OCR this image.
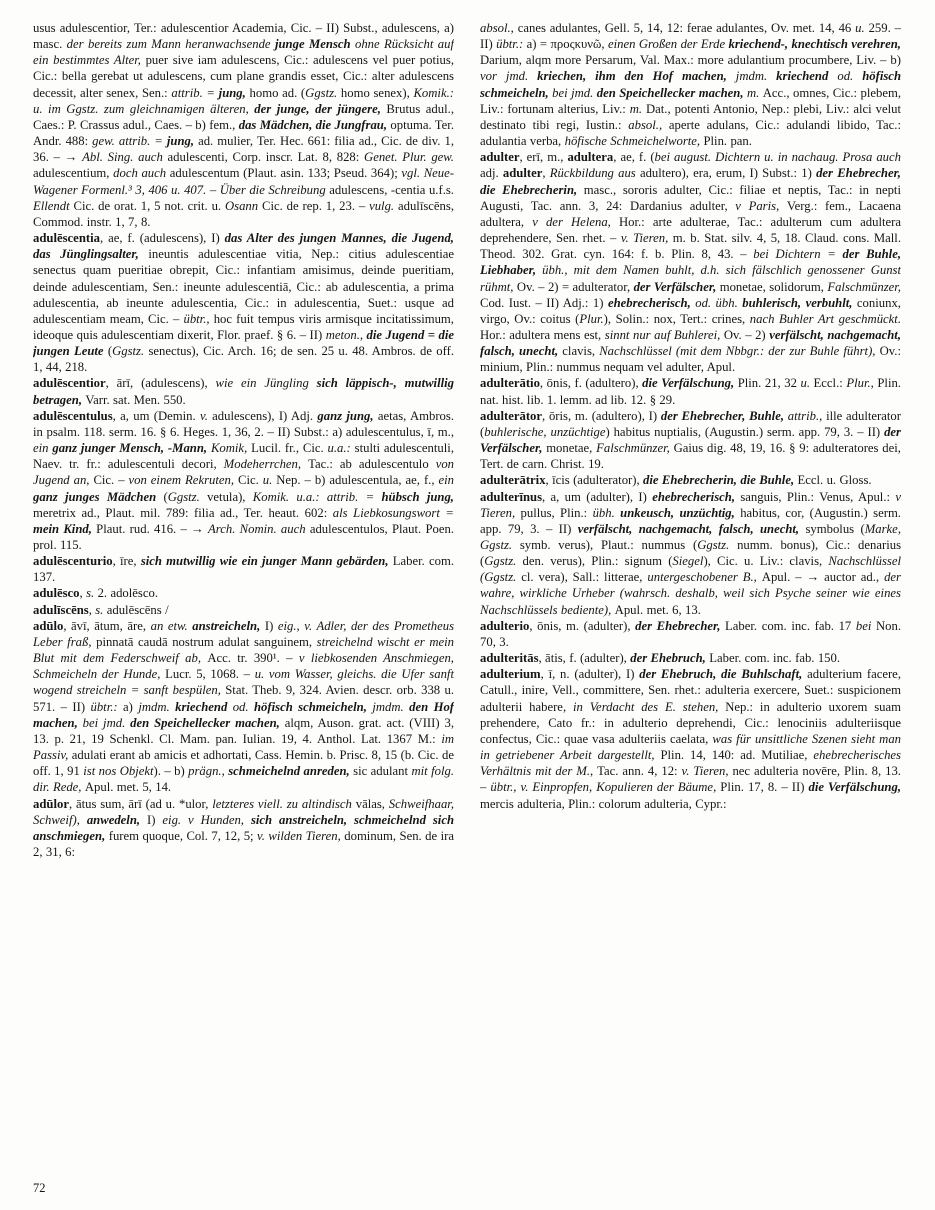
usus adulescentior, Ter.: adulescentior Academia, Cic. – II) Subst., adulescens, a) masc. der bereits zum Mann heranwachsende junge Mensch ohne Rücksicht auf ein bestimmtes Alter, puer sive iam adulescens, Cic.: adulescens vel puer potius, Cic.: bella gerebat ut adulescens, cum plane grandis esset, Cic.: alter adulescens decessit, alter senex, Sen.: attrib. = jung, homo ad. (Ggstz. homo senex), Komik.: u. im Ggstz. zum gleichnamigen älteren, der junge, der jüngere, Brutus adul., Caes.: P. Crassus adul., Caes. – b) fem., das Mädchen, die Jungfrau, optuma. Ter. Andr. 488: gew. attrib. = jung, ad. mulier, Ter. Hec. 661: filia ad., Cic. de div. 1, 36. – → Abl. Sing. auch adulescenti, Corp. inscr. Lat. 8, 828: Genet. Plur. gew. adulescentium, doch auch adulescentum (Plaut. asin. 133; Pseud. 364); vgl. Neue-Wagener Formenl.³ 3, 406 u. 407. – Über die Schreibung adulescens, -centia u.f.s. Ellendt Cic. de orat. 1, 5 not. crit. u. Osann Cic. de rep. 1, 23. – vulg. adulīscēns, Commod. instr. 1, 7, 8.

adulēscentia, ae, f. (adulescens), I) das Alter des jungen Mannes, die Jugend, das Jünglingsalter, ineuntis adulescentiae vitia, Nep.: citius adulescentiae senectus quam pueritiae obrepit, Cic.: infantiam amisimus, deinde pueritiam, deinde adulescentiam, Sen.: ineunte adulescentiā, Cic.: ab adulescentia, a prima adulescentia, ab ineunte adulescentia, Cic.: in adulescentia, Suet.: usque ad adulescentiam meam, Cic. – übtr., hoc fuit tempus viris armisque incitatissimum, ideoque quis adulescentiam dixerit, Flor. praef. § 6. – II) meton., die Jugend = die jungen Leute (Ggstz. senectus), Cic. Arch. 16; de sen. 25 u. 48. Ambros. de off. 1, 44, 218.

adulēscentior, ārī, (adulescens), wie ein Jüngling sich läppisch-, mutwillig betragen, Varr. sat. Men. 550.

adulēscentulus, a, um (Demin. v. adulescens), I) Adj. ganz jung, aetas, Ambros. in psalm. 118. serm. 16. § 6. Heges. 1, 36, 2. – II) Subst.: a) adulescentulus, ī, m., ein ganz junger Mensch, -Mann, Komik, Lucil. fr., Cic. u.a.: stulti adulescentuli, Naev. tr. fr.: adulescentuli decori, Modeherrchen, Tac.: ab adulescentulo von Jugend an, Cic. – von einem Rekruten, Cic. u. Nep. – b) adulescentula, ae, f., ein ganz junges Mädchen (Ggstz. vetula), Komik. u.a.: attrib. = hübsch jung, meretrix ad., Plaut. mil. 789: filia ad., Ter. heaut. 602: als Liebkosungswort = mein Kind, Plaut. rud. 416. – → Arch. Nomin. auch adulescentulos, Plaut. Poen. prol. 115.

adulēscenturio, īre, sich mutwillig wie ein junger Mann gebärden, Laber. com. 137.

adulēsco, s. 2. adolēsco.

adulīscēns, s. adulēscēns /

adūlo, āvī, ātum, āre, an etw. anstreicheln, I) eig., v. Adler, der des Prometheus Leber fraß, pinnatā caudā nostrum adulat sanguinem, streichelnd wischt er mein Blut mit dem Federschweif ab, Acc. tr. 390¹. – v liebkosenden Anschmiegen, Schmeicheln der Hunde, Lucr. 5, 1068. – u. vom Wasser, gleichs. die Ufer sanft wogend streicheln = sanft bespülen, Stat. Theb. 9, 324. Avien. descr. orb. 338 u. 571. – II) übtr.: a) jmdm. kriechend od. höfisch schmeicheln, jmdm. den Hof machen, bei jmd. den Speichellecker machen, alqm, Auson. grat. act. (VIII) 3, 13. p. 21, 19 Schenkl. Cl. Mam. pan. Iulian. 19, 4. Anthol. Lat. 1367 M.: im Passiv, adulati erant ab amicis et adhortati, Cass. Hemin. b. Prisc. 8, 15 (b. Cic. de off. 1, 91 ist nos Objekt). – b) prägn., schmeichelnd anreden, sic adulant mit folg. dir. Rede, Apul. met. 5, 14.

adūlor, ātus sum, ārī (ad u. *ulor, letzteres viell. zu altindisch vālas, Schweifhaar, Schweif), anwedeln, I) eig. v Hunden, sich anstreicheln, schmeichelnd sich anschmiegen, furem quoque, Col. 7, 12, 5; v. wilden Tieren, dominum, Sen. de ira 2, 31, 6:

absol., canes adulantes, Gell. 5, 14, 12: ferae adulantes, Ov. met. 14, 46 u. 259. – II) übtr.: a) = προςκυνῶ, einen Großen der Erde kriechend-, knechtisch verehren, Darium, alqm more Persarum, Val. Max.: more adulantium procumbere, Liv. – b) vor jmd. kriechen, ihm den Hof machen, jmdm. kriechend od. höfisch schmeicheln, bei jmd. den Speichellecker machen, m. Acc., omnes, Cic.: plebem, Liv.: fortunam alterius, Liv.: m. Dat., potenti Antonio, Nep.: plebi, Liv.: alci velut destinato tibi regi, Iustin.: absol., aperte adulans, Cic.: adulandi libido, Tac.: adulantia verba, höfische Schmeichelworte, Plin. pan.

adulter, erī, m., adultera, ae, f. (bei august. Dichtern u. in nachaug. Prosa auch adj. adulter, Rückbildung aus adultero), era, erum, I) Subst.: 1) der Ehebrecher, die Ehebrecherin, masc., sororis adulter, Cic.: filiae et neptis, Tac.: in nepti Augusti, Tac. ann. 3, 24: Dardanius adulter, v Paris, Verg.: fem., Lacaena adultera, v der Helena, Hor.: arte adulterae, Tac.: adulterum cum adultera deprehendere, Sen. rhet. – v. Tieren, m. b. Stat. silv. 4, 5, 18. Claud. cons. Mall. Theod. 302. Grat. cyn. 164: f. b. Plin. 8, 43. – bei Dichtern = der Buhle, Liebhaber, übh., mit dem Namen buhlt, d.h. sich fälschlich genossener Gunst rühmt, Ov. – 2) = adulterator, der Verfälscher, monetae, solidorum, Falschmünzer, Cod. Iust. – II) Adj.: 1) ehebrecherisch, od. übh. buhlerisch, verbuhlt, coniunx, virgo, Ov.: coitus (Plur.), Solin.: nox, Tert.: crines, nach Buhler Art geschmückt. Hor.: adultera mens est, sinnt nur auf Buhlerei, Ov. – 2) verfälscht, nachgemacht, falsch, unecht, clavis, Nachschlüssel (mit dem Nbbgr.: der zur Buhle führt), Ov.: minium, Plin.: nummus nequam vel adulter, Apul.

adulterātio, ōnis, f. (adultero), die Verfälschung, Plin. 21, 32 u. Eccl.: Plur., Plin. nat. hist. lib. 1. lemm. ad lib. 12. § 29.

adulterātor, ōris, m. (adultero), I) der Ehebrecher, Buhle, attrib., ille adulterator (buhlerische, unzüchtige) habitus nuptialis, (Augustin.) serm. app. 79, 3. – II) der Verfälscher, monetae, Falschmünzer, Gaius dig. 48, 19, 16. § 9: adulteratores dei, Tert. de carn. Christ. 19.

adulterātrix, īcis (adulterator), die Ehebrecherin, die Buhle, Eccl. u. Gloss.

adulterīnus, a, um (adulter), I) ehebrecherisch, sanguis, Plin.: Venus, Apul.: v Tieren, pullus, Plin.: übh. unkeusch, unzüchtig, habitus, cor, (Augustin.) serm. app. 79, 3. – II) verfälscht, nachgemacht, falsch, unecht, symbolus (Marke, Ggstz. symb. verus), Plaut.: nummus (Ggstz. numm. bonus), Cic.: denarius (Ggstz. den. verus), Plin.: signum (Siegel), Cic. u. Liv.: clavis, Nachschlüssel (Ggstz. cl. vera), Sall.: litterae, untergeschobener B., Apul. – → auctor ad., der wahre, wirkliche Urheber (wahrsch. deshalb, weil sich Psyche seiner wie eines Nachschlüssels bediente), Apul. met. 6, 13.

adulterio, ōnis, m. (adulter), der Ehebrecher, Laber. com. inc. fab. 17 bei Non. 70, 3.

adulteritās, ātis, f. (adulter), der Ehebruch, Laber. com. inc. fab. 150.

adulterium, ī, n. (adulter), I) der Ehebruch, die Buhlschaft, adulterium facere, Catull., inire, Vell., committere, Sen. rhet.: adulteria exercere, Suet.: suspicionem adulterii habere, in Verdacht des E. stehen, Nep.: in adulterio uxorem suam prehendere, Cato fr.: in adulterio deprehendi, Cic.: lenociniis adulteriisque confectus, Cic.: quae vasa adulteriis caelata, was für unsittliche Szenen sieht man in getriebener Arbeit dargestellt, Plin. 14, 140: ad. Mutiliae, ehebrecherisches Verhältnis mit der M., Tac. ann. 4, 12: v. Tieren, nec adulteria novēre, Plin. 8, 13. – übtr., v. Einpropfen, Kopulieren der Bäume, Plin. 17, 8. – II) die Verfälschung, mercis adulteria, Plin.: colorum adulteria, Cypr.:

72
